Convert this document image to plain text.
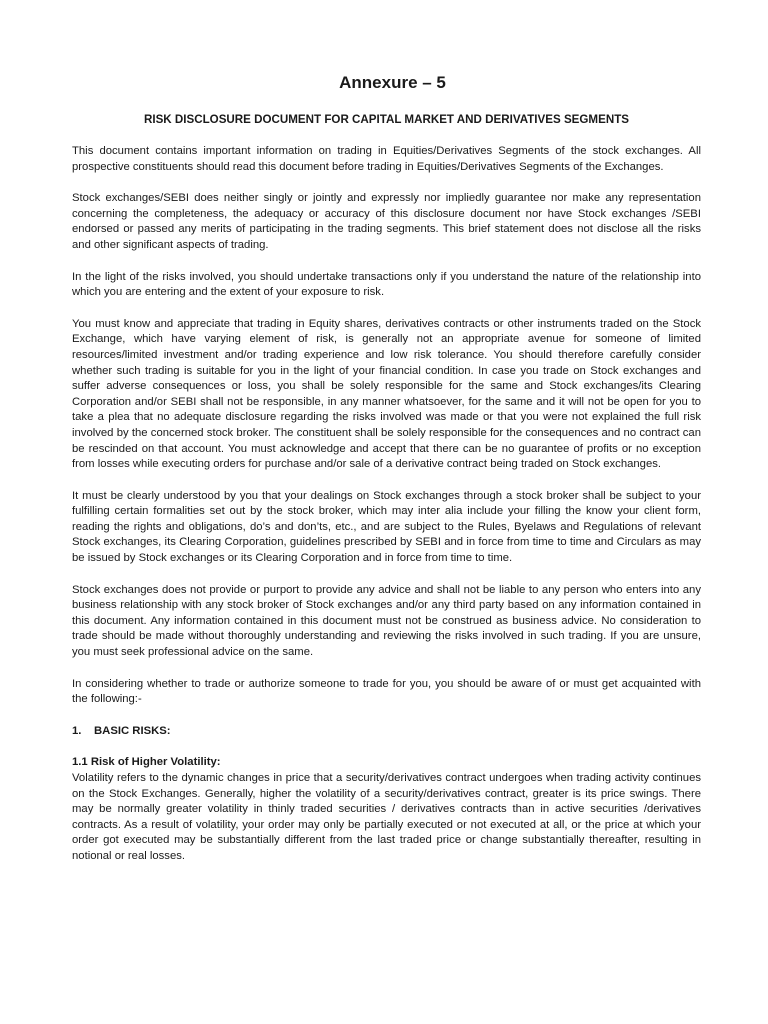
Annexure – 5
RISK DISCLOSURE DOCUMENT FOR CAPITAL MARKET AND DERIVATIVES SEGMENTS

This document contains important information on trading in Equities/Derivatives Segments of the stock exchanges. All prospective constituents should read this document before trading in Equities/Derivatives Segments of the Exchanges.

Stock exchanges/SEBI does neither singly or jointly and expressly nor impliedly guarantee nor make any representation concerning the completeness, the adequacy or accuracy of this disclosure document nor have Stock exchanges /SEBI endorsed or passed any merits of participating in the trading segments. This brief statement does not disclose all the risks and other significant aspects of trading.

In the light of the risks involved, you should undertake transactions only if you understand the nature of the relationship into which you are entering and the extent of your exposure to risk.

You must know and appreciate that trading in Equity shares, derivatives contracts or other instruments traded on the Stock Exchange, which have varying element of risk, is generally not an appropriate avenue for someone of limited resources/limited investment and/or trading experience and low risk tolerance. You should therefore carefully consider whether such trading is suitable for you in the light of your financial condition. In case you trade on Stock exchanges and suffer adverse consequences or loss, you shall be solely responsible for the same and Stock exchanges/its Clearing Corporation and/or SEBI shall not be responsible, in any manner whatsoever, for the same and it will not be open for you to take a plea that no adequate disclosure regarding the risks involved was made or that you were not explained the full risk involved by the concerned stock broker. The constituent shall be solely responsible for the consequences and no contract can be rescinded on that account. You must acknowledge and accept that there can be no guarantee of profits or no exception from losses while executing orders for purchase and/or sale of a derivative contract being traded on Stock exchanges.

It must be clearly understood by you that your dealings on Stock exchanges through a stock broker shall be subject to your fulfilling certain formalities set out by the stock broker, which may inter alia include your filling the know your client form, reading the rights and obligations, do’s and don’ts, etc., and are subject to the Rules, Byelaws and Regulations of relevant Stock exchanges, its Clearing Corporation, guidelines prescribed by SEBI and in force from time to time and Circulars as may be issued by Stock exchanges or its Clearing Corporation and in force from time to time.

Stock exchanges does not provide or purport to provide any advice and shall not be liable to any person who enters into any business relationship with any stock broker of Stock exchanges and/or any third party based on any information contained in this document. Any information contained in this document must not be construed as business advice. No consideration to trade should be made without thoroughly understanding and reviewing the risks involved in such trading. If you are unsure, you must seek professional advice on the same.

In considering whether to trade or authorize someone to trade for you, you should be aware of or must get acquainted with the following:-

1. BASIC RISKS:
1.1 Risk of Higher Volatility:

Volatility refers to the dynamic changes in price that a security/derivatives contract undergoes when trading activity continues on the Stock Exchanges. Generally, higher the volatility of a security/derivatives contract, greater is its price swings. There may be normally greater volatility in thinly traded securities / derivatives contracts than in active securities /derivatives contracts. As a result of volatility, your order may only be partially executed or not executed at all, or the price at which your order got executed may be substantially different from the last traded price or change substantially thereafter, resulting in notional or real losses.
